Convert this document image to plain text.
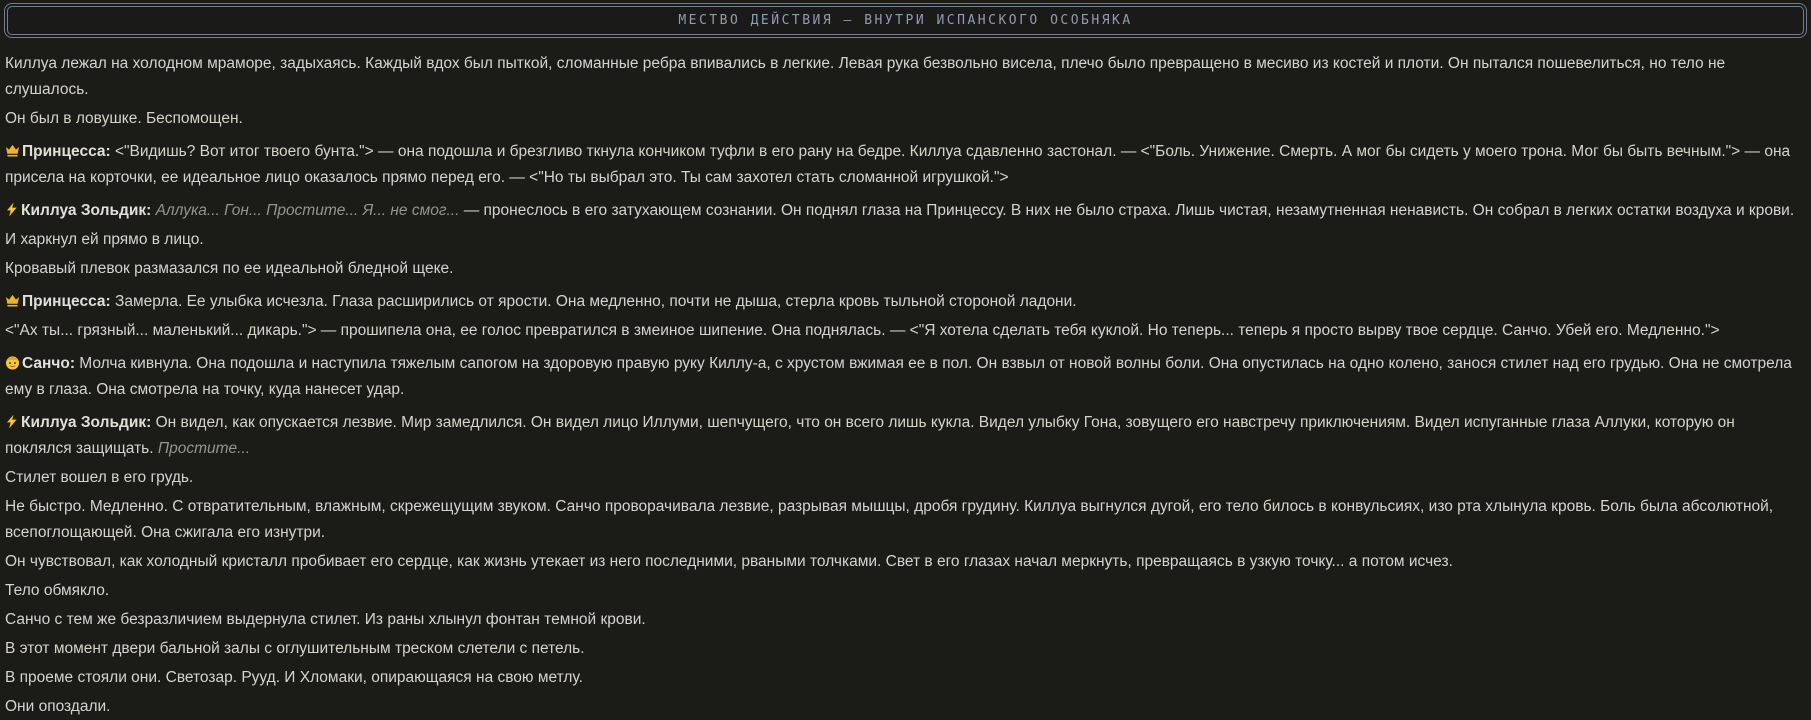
МЕСТВО ДЕЙСТВИЯ – ВНУТРИ ИСПАНСКОГО ОСОБНЯКА

Киллуа лежал на холодном мраморе, задыхаясь. Каждый вдох был пыткой, сломанные ребра впивались в легкие. Левая рука безвольно висела, плечо было превращено в месиво из костей и плоти. Он пытался пошевелиться, но тело не слушалось.

Он был в ловушке. Беспомощен.

Принцесса: <"Видишь? Вот итог твоего бунта."> — она подошла и брезгливо ткнула кончиком туфли в его рану на бедре. Киллуа сдавленно застонал. — <"Боль. Унижение. Смерть. А мог бы сидеть у моего трона. Мог бы быть вечным."> — она присела на корточки, ее идеальное лицо оказалось прямо перед его. — <"Но ты выбрал это. Ты сам захотел стать сломанной игрушкой.">

Киллуа Зольдик: Аллука... Гон... Простите... Я... не смог... — пронеслось в его затухающем сознании. Он поднял глаза на Принцессу. В них не было страха. Лишь чистая, незамутненная ненависть. Он собрал в легких остатки воздуха и крови.

И харкнул ей прямо в лицо.

Кровавый плевок размазался по ее идеальной бледной щеке.

Принцесса: Замерла. Ее улыбка исчезла. Глаза расширились от ярости. Она медленно, почти не дыша, стерла кровь тыльной стороной ладони.

<"Ах ты... грязный... маленький... дикарь."> — прошипела она, ее голос превратился в змеиное шипение. Она поднялась. — <"Я хотела сделать тебя куклой. Но теперь... теперь я просто вырву твое сердце. Санчо. Убей его. Медленно.">

Санчо: Молча кивнула. Она подошла и наступила тяжелым сапогом на здоровую правую руку Киллу-а, с хрустом вжимая ее в пол. Он взвыл от новой волны боли. Она опустилась на одно колено, занося стилет над его грудью. Она не смотрела ему в глаза. Она смотрела на точку, куда нанесет удар.

Киллуа Зольдик: Он видел, как опускается лезвие. Мир замедлился. Он видел лицо Иллуми, шепчущего, что он всего лишь кукла. Видел улыбку Гона, зовущего его навстречу приключениям. Видел испуганные глаза Аллуки, которую он поклялся защищать. Простите...

Стилет вошел в его грудь.

Не быстро. Медленно. С отвратительным, влажным, скрежещущим звуком. Санчо проворачивала лезвие, разрывая мышцы, дробя грудину. Киллуа выгнулся дугой, его тело билось в конвульсиях, изо рта хлынула кровь. Боль была абсолютной, всепоглощающей. Она сжигала его изнутри.

Он чувствовал, как холодный кристалл пробивает его сердце, как жизнь утекает из него последними, рваными толчками. Свет в его глазах начал меркнуть, превращаясь в узкую точку... а потом исчез.

Тело обмякло.

Санчо с тем же безразличием выдернула стилет. Из раны хлынул фонтан темной крови.

В этот момент двери бальной залы с оглушительным треском слетели с петель.

В проеме стояли они. Светозар. Рууд. И Хломаки, опирающаяся на свою метлу.

Они опоздали.
